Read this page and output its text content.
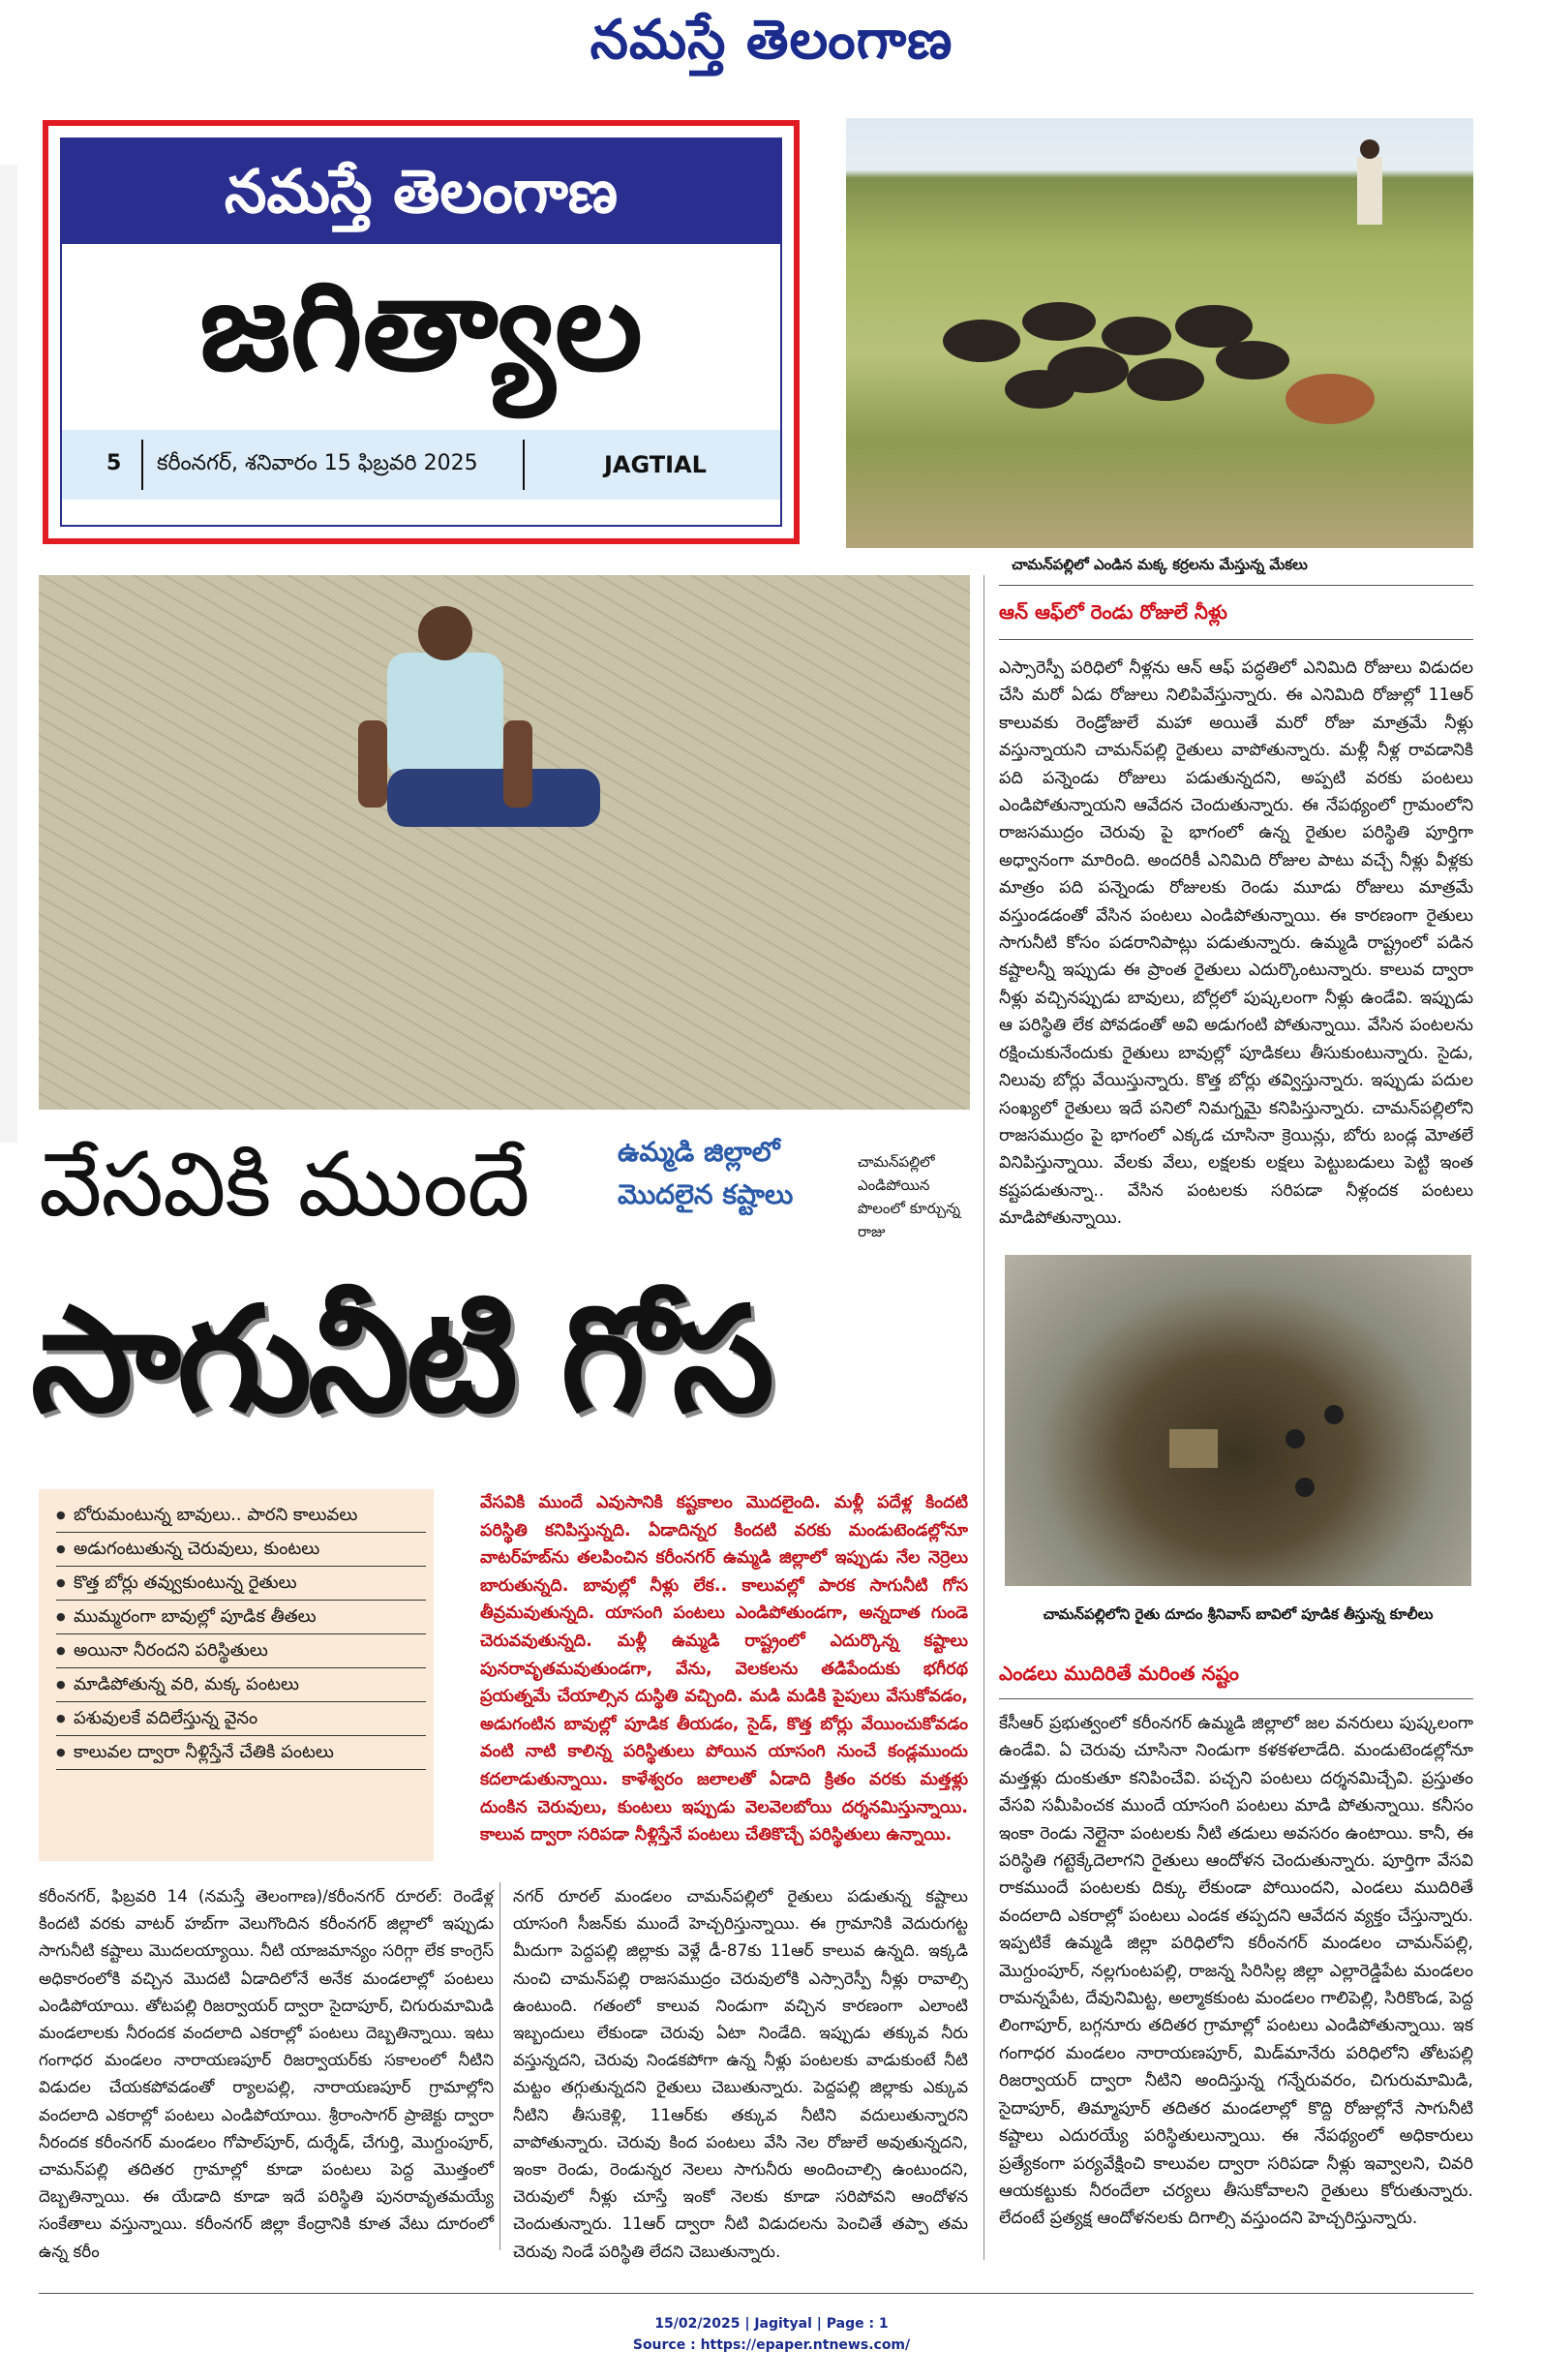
నమస్తే తెలంగాణ
నమస్తే తెలంగాణ
జగిత్యాల
5 కరీంనగర్, శనివారం 15 ఫిబ్రవరి 2025	JAGTIAL
చామన్‌పల్లిలో ఎండిన మక్క కర్రలను మేస్తున్న మేకలు
ఆన్ ఆఫ్‌లో రెండు రోజులే నీళ్లు

ఎస్సారెస్పీ పరిధిలో నీళ్లను ఆన్ ఆఫ్ పద్ధతిలో ఎనిమిది రోజులు విడుదల చేసి మరో ఏడు రోజులు నిలిపివేస్తున్నారు. ఈ ఎనిమిది రోజుల్లో 11ఆర్ కాలువకు రెండ్రోజులే మహా అయితే మరో రోజు మాత్రమే నీళ్లు వస్తున్నాయని చామన్‌పల్లి రైతులు వాపోతున్నారు. మళ్లీ నీళ్ల రావడానికి పది పన్నెండు రోజులు పడుతున్నదని, అప్పటి వరకు పంటలు ఎండిపోతున్నాయని ఆవేదన చెందుతున్నారు. ఈ నేపథ్యంలో గ్రామంలోని రాజసముద్రం చెరువు పై భాగంలో ఉన్న రైతుల పరిస్థితి పూర్తిగా అధ్వానంగా మారింది. అందరికీ ఎనిమిది రోజుల పాటు వచ్చే నీళ్లు వీళ్లకు మాత్రం పది పన్నెండు రోజులకు రెండు మూడు రోజులు మాత్రమే వస్తుండడంతో వేసిన పంటలు ఎండిపోతున్నాయి. ఈ కారణంగా రైతులు సాగునీటి కోసం పడరానిపాట్లు పడుతున్నారు. ఉమ్మడి రాష్ట్రంలో పడిన కష్టాలన్నీ ఇప్పుడు ఈ ప్రాంత రైతులు ఎదుర్కొంటున్నారు. కాలువ ద్వారా నీళ్లు వచ్చినప్పుడు బావులు, బోర్లలో పుష్కలంగా నీళ్లు ఉండేవి. ఇప్పుడు ఆ పరిస్థితి లేక పోవడంతో అవి అడుగంటి పోతున్నాయి. వేసిన పంటలను రక్షించుకునేందుకు రైతులు బావుల్లో పూడికలు తీసుకుంటున్నారు. సైడు, నిలువు బోర్లు వేయిస్తున్నారు. కొత్త బోర్లు తవ్విస్తున్నారు. ఇప్పుడు పదుల సంఖ్యలో రైతులు ఇదే పనిలో నిమగ్నమై కనిపిస్తున్నారు. చామన్‌పల్లిలోని రాజసముద్రం పై భాగంలో ఎక్కడ చూసినా క్రెయిన్లు, బోరు బండ్ల మోతలే వినిపిస్తున్నాయి. వేలకు వేలు, లక్షలకు లక్షలు పెట్టుబడులు పెట్టి ఇంత కష్టపడుతున్నా.. వేసిన పంటలకు సరిపడా నీళ్లందక పంటలు మాడిపోతున్నాయి.

వేసవికి ముందే	ఉమ్మడి జిల్లాలో మొదలైన కష్టాలు
చామన్‌పల్లిలో ఎండిపోయిన పొలంలో కూర్చున్న రాజు
సాగునీటి గోస
చామన్‌పల్లిలోని రైతు దూదం శ్రీనివాస్ బావిలో పూడిక తీస్తున్న కూలీలు
ఎండలు ముదిరితే మరింత నష్టం

కేసీఆర్ ప్రభుత్వంలో కరీంనగర్ ఉమ్మడి జిల్లాలో జల వనరులు పుష్కలంగా ఉండేవి. ఏ చెరువు చూసినా నిండుగా కళకళలాడేది. మండుటెండల్లోనూ మత్తళ్లు దుంకుతూ కనిపించేవి. పచ్చని పంటలు దర్శనమిచ్చేవి. ప్రస్తుతం వేసవి సమీపించక ముందే యాసంగి పంటలు మాడి పోతున్నాయి. కనీసం ఇంకా రెండు నెల్లైనా పంటలకు నీటి తడులు అవసరం ఉంటాయి. కానీ, ఈ పరిస్థితి గట్టెక్కేదెలాగని రైతులు ఆందోళన చెందుతున్నారు. పూర్తిగా వేసవి రాకముందే పంటలకు దిక్కు లేకుండా పోయిందని, ఎండలు ముదిరితే వందలాది ఎకరాల్లో పంటలు ఎండక తప్పదని ఆవేదన వ్యక్తం చేస్తున్నారు. ఇప్పటికే ఉమ్మడి జిల్లా పరిధిలోని కరీంనగర్ మండలం చామన్‌పల్లి, మొగ్దుంపూర్, నల్లగుంటపల్లి, రాజన్న సిరిసిల్ల జిల్లా ఎల్లారెడ్డిపేట మండలం రామన్నపేట, దేవునిమిట్ట, అల్మాకకుంట మండలం గాలిపెల్లి, సిరికొండ, పెద్ద లింగాపూర్, బగ్గనూరు తదితర గ్రామాల్లో పంటలు ఎండిపోతున్నాయి. ఇక గంగాధర మండలం నారాయణపూర్, మిడ్‌మానేరు పరిధిలోని తోటపల్లి రిజర్వాయర్ ద్వారా నీటిని అందిస్తున్న గన్నేరువరం, చిగురుమామిడి, సైదాపూర్, తిమ్మాపూర్ తదితర మండలాల్లో కొద్ది రోజుల్లోనే సాగునీటి కష్టాలు ఎదురయ్యే పరిస్థితులున్నాయి. ఈ నేపథ్యంలో అధికారులు ప్రత్యేకంగా పర్యవేక్షించి కాలువల ద్వారా సరిపడా నీళ్లు ఇవ్వాలని, చివరి ఆయకట్టుకు నీరందేలా చర్యలు తీసుకోవాలని రైతులు కోరుతున్నారు. లేదంటే ప్రత్యక్ష ఆందోళనలకు దిగాల్సి వస్తుందని హెచ్చరిస్తున్నారు.

● బోరుమంటున్న బావులు.. పారని కాలువలు
● అడుగంటుతున్న చెరువులు, కుంటలు
● కొత్త బోర్లు తవ్వుకుంటున్న రైతులు
● ముమ్మరంగా బావుల్లో పూడిక తీతలు
● అయినా నీరందని పరిస్థితులు
● మాడిపోతున్న వరి, మక్క పంటలు
● పశువులకే వదిలేస్తున్న వైనం
● కాలువల ద్వారా నీళ్లిస్తేనే చేతికి పంటలు
వేసవికి ముందే ఎవుసానికి కష్టకాలం మొదలైంది. మళ్లీ పదేళ్ల కిందటి పరిస్థితి కనిపిస్తున్నది. ఏడాదిన్నర కిందటి వరకు మండుటెండల్లోనూ వాటర్‌హబ్‌ను తలపించిన కరీంనగర్ ఉమ్మడి జిల్లాలో ఇప్పుడు నేల నెర్రెలు బారుతున్నది. బావుల్లో నీళ్లు లేక.. కాలువల్లో పారక సాగునీటి గోస తీవ్రమవుతున్నది. యాసంగి పంటలు ఎండిపోతుండగా, అన్నదాత గుండె చెరువవుతున్నది. మళ్లీ ఉమ్మడి రాష్ట్రంలో ఎదుర్కొన్న కష్టాలు పునరావృతమవుతుండగా, వేను, వెలకలను తడిపేందుకు భగీరథ ప్రయత్నమే చేయాల్సిన దుస్థితి వచ్చింది. మడి మడికి పైపులు వేసుకోవడం, అడుగంటిన బావుల్లో పూడిక తీయడం, సైడ్, కొత్త బోర్లు వేయించుకోవడం వంటి నాటి కాలిన్న పరిస్థితులు పోయిన యాసంగి నుంచే కండ్లముందు కదలాడుతున్నాయి. కాళేశ్వరం జలాలతో ఏడాది క్రితం వరకు మత్తళ్లు దుంకిన చెరువులు, కుంటలు ఇప్పుడు వెలవెలబోయి దర్శనమిస్తున్నాయి. కాలువ ద్వారా సరిపడా నీళ్లిస్తేనే పంటలు చేతికొచ్చే పరిస్థితులు ఉన్నాయి.
కరీంనగర్, ఫిబ్రవరి 14 (నమస్తే తెలంగాణ)/కరీంనగర్ రూరల్: రెండేళ్ల కిందటి వరకు వాటర్ హబ్‌గా వెలుగొందిన కరీంనగర్ జిల్లాలో ఇప్పుడు సాగునీటి కష్టాలు మొదలయ్యాయి. నీటి యాజమాన్యం సరిగ్గా లేక కాంగ్రెస్ అధికారంలోకి వచ్చిన మొదటి ఏడాదిలోనే అనేక మండలాల్లో పంటలు ఎండిపోయాయి. తోటపల్లి రిజర్వాయర్ ద్వారా సైదాపూర్, చిగురుమామిడి మండలాలకు నీరందక వందలాది ఎకరాల్లో పంటలు దెబ్బతిన్నాయి. ఇటు గంగాధర మండలం నారాయణపూర్ రిజర్వాయర్‌కు సకాలంలో నీటిని విడుదల చేయకపోవడంతో ర్యాలపల్లి, నారాయణపూర్ గ్రామాల్లోని వందలాది ఎకరాల్లో పంటలు ఎండిపోయాయి. శ్రీరాంసాగర్ ప్రాజెక్టు ద్వారా నీరందక కరీంనగర్ మండలం గోపాల్‌పూర్, దుర్శేడ్, చేగుర్తి, మొగ్దుంపూర్, చామన్‌పల్లి తదితర గ్రామాల్లో కూడా పంటలు పెద్ద మొత్తంలో దెబ్బతిన్నాయి. ఈ యేడాది కూడా ఇదే పరిస్థితి పునరావృతమయ్యే సంకేతాలు వస్తున్నాయి. కరీంనగర్ జిల్లా కేంద్రానికి కూత వేటు దూరంలో ఉన్న కరీం
నగర్ రూరల్ మండలం చామన్‌పల్లిలో రైతులు పడుతున్న కష్టాలు యాసంగి సీజన్‌కు ముందే హెచ్చరిస్తున్నాయి. ఈ గ్రామానికి వెదురుగట్ట మీదుగా పెద్దపల్లి జిల్లాకు వెళ్లే డీ-87కు 11ఆర్ కాలువ ఉన్నది. ఇక్కడి నుంచి చామన్‌పల్లి రాజసముద్రం చెరువులోకి ఎస్సారెస్పీ నీళ్లు రావాల్సి ఉంటుంది. గతంలో కాలువ నిండుగా వచ్చిన కారణంగా ఎలాంటి ఇబ్బందులు లేకుండా చెరువు ఏటా నిండేది. ఇప్పుడు తక్కువ నీరు వస్తున్నదని, చెరువు నిండకపోగా ఉన్న నీళ్లు పంటలకు వాడుకుంటే నీటి మట్టం తగ్గుతున్నదని రైతులు చెబుతున్నారు. పెద్దపల్లి జిల్లాకు ఎక్కువ నీటిని తీసుకెళ్లి, 11ఆర్‌కు తక్కువ నీటిని వదులుతున్నారని వాపోతున్నారు. చెరువు కింద పంటలు వేసి నెల రోజులే అవుతున్నదని, ఇంకా రెండు, రెండున్నర నెలలు సాగునీరు అందించాల్సి ఉంటుందని, చెరువులో నీళ్లు చూస్తే ఇంకో నెలకు కూడా సరిపోవని ఆందోళన చెందుతున్నారు. 11ఆర్ ద్వారా నీటి విడుదలను పెంచితే తప్పా తమ చెరువు నిండే పరిస్థితి లేదని చెబుతున్నారు.
15/02/2025 | Jagityal | Page : 1
Source : https://epaper.ntnews.com/
